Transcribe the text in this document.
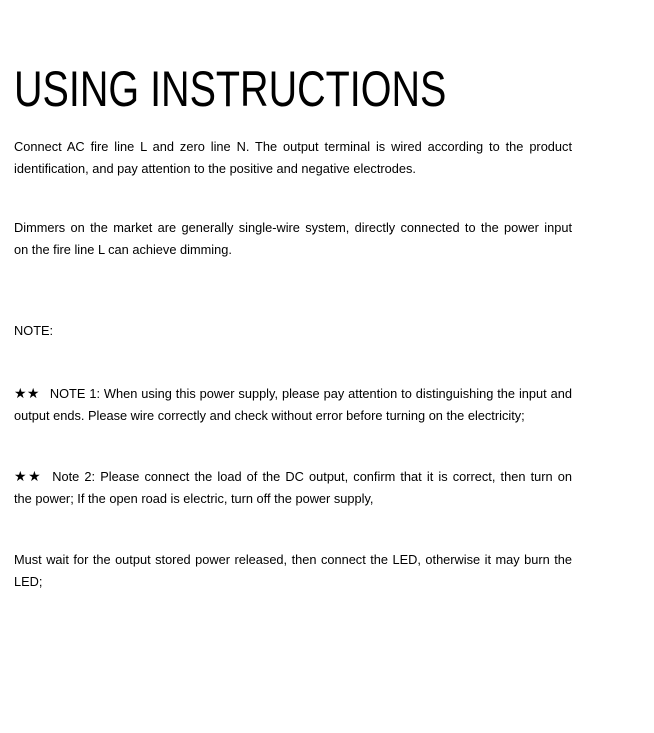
USING INSTRUCTIONS
Connect AC fire line L and zero line N. The output terminal is wired according to the product
identification, and pay attention to the positive and negative electrodes.
Dimmers on the market are generally single-wire system, directly connected to the power input
on the fire line L can achieve dimming.
NOTE:
★★ NOTE 1: When using this power supply, please pay attention to distinguishing the input and
output ends. Please wire correctly and check without error before turning on the electricity;
★★ Note 2: Please connect the load of the DC output, confirm that it is correct, then turn on
the power; If the open road is electric, turn off the power supply,
Must wait for the output stored power released, then connect the LED, otherwise it may burn the
LED;
